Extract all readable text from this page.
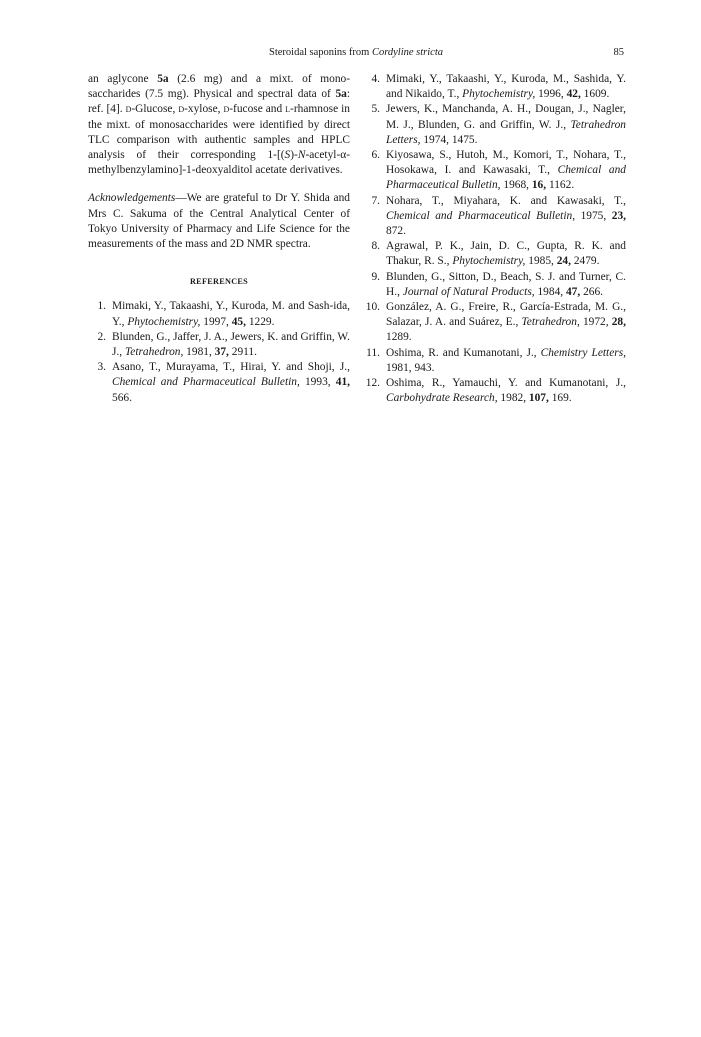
Steroidal saponins from Cordyline stricta	85

an aglycone 5a (2.6 mg) and a mixt. of mono-saccharides (7.5 mg). Physical and spectral data of 5a: ref. [4]. d-Glucose, d-xylose, d-fucose and l-rhamnose in the mixt. of monosaccharides were identified by direct TLC comparison with authentic samples and HPLC analysis of their corresponding 1-[(S)-N-acetyl-α-methylbenzylamino]-1-deoxyalditol acetate derivatives.

Acknowledgements—We are grateful to Dr Y. Shida and Mrs C. Sakuma of the Central Analytical Center of Tokyo University of Pharmacy and Life Science for the measurements of the mass and 2D NMR spectra.

REFERENCES

1 . Mimaki, Y., Takaashi, Y., Kuroda, M. and Sash-ida, Y. , Phytochemistry , 1997 , 45 , 1229 .

2 . Blunden, G., Jaffer, J. A., Jewers, K. and Griffin, W. J. , Tetrahedron , 1981 , 37 , 2911 .

3 . Asano, T., Murayama, T., Hirai, Y. and Shoji, J. , Chemical and Pharmaceutical Bulletin , 1993 , 41 , 566 .

4 . Mimaki, Y., Takaashi, Y., Kuroda, M., Sashida, Y. and Nikaido, T. , Phytochemistry , 1996 , 42 , 1609 .

5 . Jewers, K., Manchanda, A. H., Dougan, J., Nagler, M. J., Blunden, G. and Griffin, W. J. , Tetrahedron Letters , 1974 , 1475 .

6 . Kiyosawa, S., Hutoh, M., Komori, T., Nohara, T., Hosokawa, I. and Kawasaki, T. , Chemical and Pharmaceutical Bulletin , 1968 , 16 , 1162 .

7 . Nohara, T., Miyahara, K. and Kawasaki, T. , Chemical and Pharmaceutical Bulletin , 1975 , 23 , 872 .

8 . Agrawal, P. K., Jain, D. C., Gupta, R. K. and Thakur, R. S. , Phytochemistry , 1985 , 24 , 2479 .

9 . Blunden, G., Sitton, D., Beach, S. J. and Turner, C. H. , Journal of Natural Products , 1984 , 47 , 266 .

10 . González, A. G., Freire, R., García-Estrada, M. G., Salazar, J. A. and Suárez, E. , Tetrahedron , 1972 , 28 , 1289 .

11 . Oshima, R. and Kumanotani, J. , Chemistry Letters , 1981 , 943 .

12 . Oshima, R., Yamauchi, Y. and Kumanotani, J. , Carbohydrate Research , 1982 , 107 , 169 .
